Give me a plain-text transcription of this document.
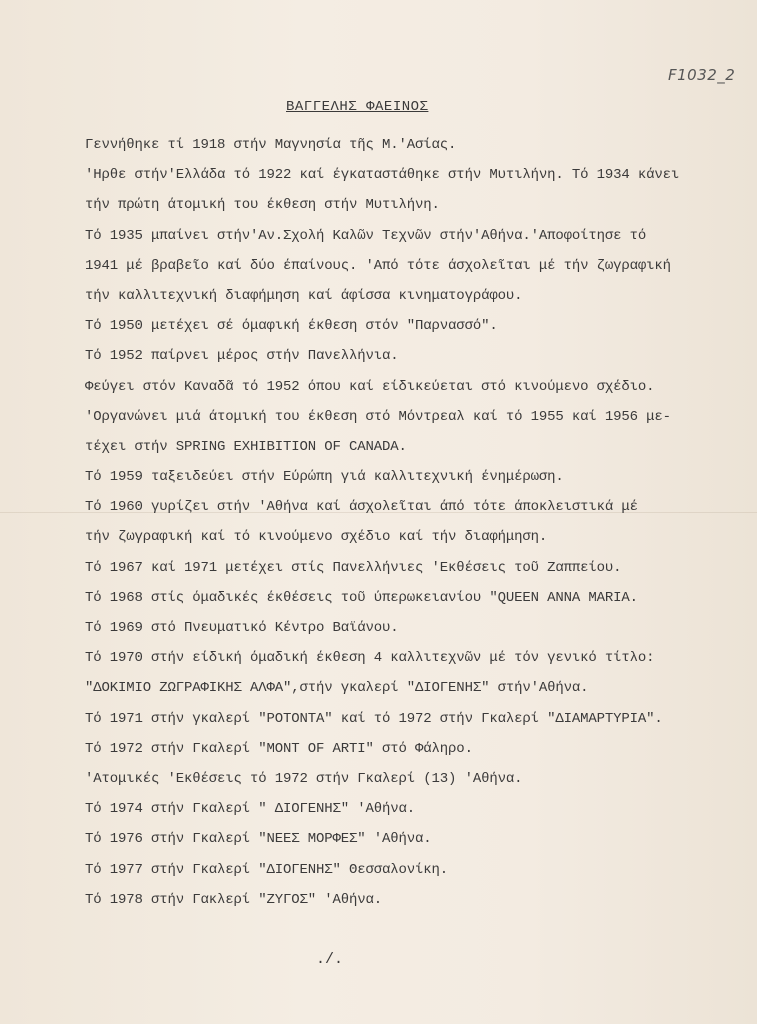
F1032_2
ΒΑΓΓΕΛΗΣ ΦΑΕΙΝΟΣ
Γεννήθηκε τί 1918 στήν Μαγνησία τῆς Μ.'Ασίας.
'Ηρθε στήν'Ελλάδα τό 1922 καί έγκαταστάθηκε στήν Μυτιλήνη. Τό 1934 κάνει
τήν πρώτη άτομική του έκθεση στήν Μυτιλήνη.
Τό 1935 μπαίνει στήν'Αν.Σχολή Καλῶν Τεχνῶν στήν'Αθήνα.'Αποφοίτησε τό
1941 μέ βραβεῖο καί δύο έπαίνους. 'Από τότε άσχολεῖται μέ τήν ζωγραφική
τήν καλλιτεχνική διαφήμηση καί άφίσσα κινηματογράφου.
Τό 1950 μετέχει σέ όμαφική έκθεση στόν "Παρνασσό".
Τό 1952 παίρνει μέρος στήν Πανελλήνια.
Φεύγει στόν Καναδᾶ τό 1952 όπου καί είδικεύεται στό κινούμενο σχέδιο.
'Οργανώνει μιά άτομική του έκθεση στό Μόντρεαλ καί τό 1955 καί 1956 με-
τέχει στήν SPRING EXHIBITION OF CANADA.
Τό 1959 ταξειδεύει στήν Εύρώπη γιά καλλιτεχνική ένημέρωση.
Τό 1960 γυρίζει στήν 'Αθήνα καί άσχολεῖται άπό τότε άποκλειστικά μέ
τήν ζωγραφική καί τό κινούμενο σχέδιο καί τήν διαφήμηση.
Τό 1967 καί 1971 μετέχει στίς Πανελλήνιες 'Εκθέσεις τοῦ Ζαππείου.
Τό 1968 στίς όμαδικές έκθέσεις τοῦ ύπερωκειανίου "QUEEN ANNA MARIA.
Τό 1969 στό Πνευματικό Κέντρο Βαϊάνου.
Τό 1970 στήν είδική όμαδική έκθεση 4 καλλιτεχνῶν μέ τόν γενικό τίτλο:
"ΔΟΚΙΜΙΟ ΖΩΓΡΑΦΙΚΗΣ ΑΛΦΑ",στήν γκαλερί "ΔΙΟΓΕΝΗΣ" στήν'Αθήνα.
Τό 1971 στήν γκαλερί "ΡΟΤΟΝΤΑ" καί τό 1972 στήν Γκαλερί "ΔΙΑΜΑΡΤΥΡΙΑ".
Τό 1972 στήν Γκαλερί "MONT OF ARTI" στό Φάληρο.
'Ατομικές 'Εκθέσεις τό 1972 στήν Γκαλερί (13) 'Αθήνα.
Τό 1974 στήν Γκαλερί " ΔΙΟΓΕΝΗΣ" 'Αθήνα.
Τό 1976 στήν Γκαλερί "ΝΕΕΣ ΜΟΡΦΕΣ" 'Αθήνα.
Τό 1977 στήν Γκαλερί "ΔΙΟΓΕΝΗΣ" Θεσσαλονίκη.
Τό 1978 στήν Γακλερί "ΖΥΓΟΣ" 'Αθήνα.
./.
